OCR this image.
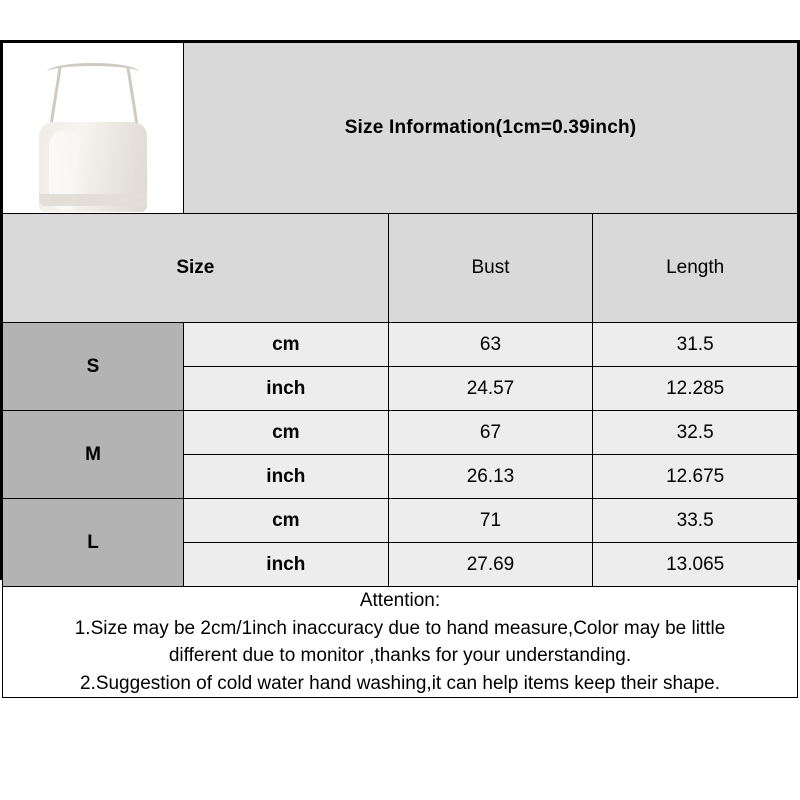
	Size Information(1cm=0.39inch)		
Size		Bust	Length
S	cm	63	31.5
	inch	24.57	12.285
M	cm	67	32.5
	inch	26.13	12.675
L	cm	71	33.5
	inch	27.69	13.065

Attention:
1.Size may be 2cm/1inch inaccuracy due to hand measure,Color may be little
different due to monitor ,thanks for your understanding.
2.Suggestion of cold water hand washing,it can help items keep their shape.			
